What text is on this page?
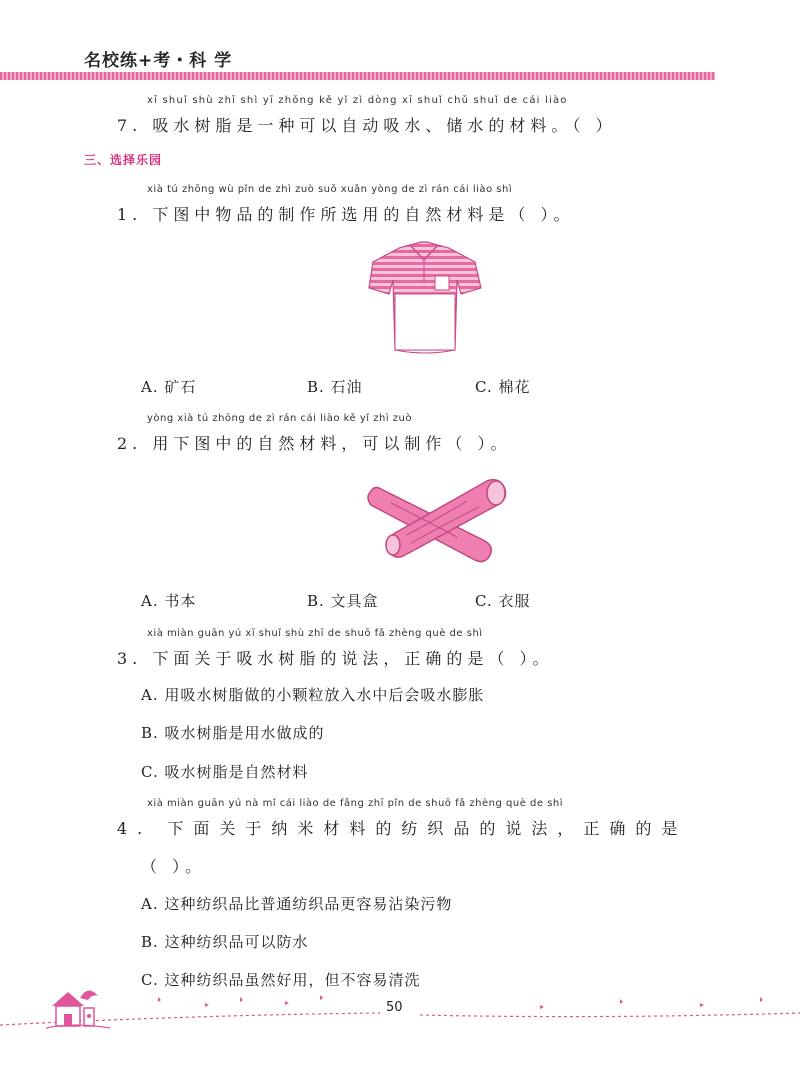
名校练+考・科 学
xī shuǐ shù zhī shì yī zhǒng kě yǐ zì dòng xī shuǐ chǔ shuǐ de cái liào
7. 吸水树脂是一种可以自动吸水、储水的材料。（ ）
三、选择乐园
xià tú zhōng wù pǐn de zhì zuò suǒ xuǎn yòng de zì rán cái liào shì
1. 下图中物品的制作所选用的自然材料是（ ）。
A. 矿石	B. 石油	C. 棉花
yòng xià tú zhōng de zì rán cái liào kě yǐ zhì zuò
2. 用下图中的自然材料，可以制作（ ）。
A. 书本	B. 文具盒	C. 衣服
xià miàn guān yú xī shuǐ shù zhī de shuō fǎ zhèng què de shì
3. 下面关于吸水树脂的说法，正确的是（ ）。
A. 用吸水树脂做的小颗粒放入水中后会吸水膨胀
B. 吸水树脂是用水做成的
C. 吸水树脂是自然材料
xià miàn guān yú nà mǐ cái liào de fǎng zhī pǐn de shuō fǎ zhèng què de shì
4. 下面关于纳米材料的纺织品的说法，正确的是
（ ）。
A. 这种纺织品比普通纺织品更容易沾染污物
B. 这种纺织品可以防水
C. 这种纺织品虽然好用，但不容易清洗
50
